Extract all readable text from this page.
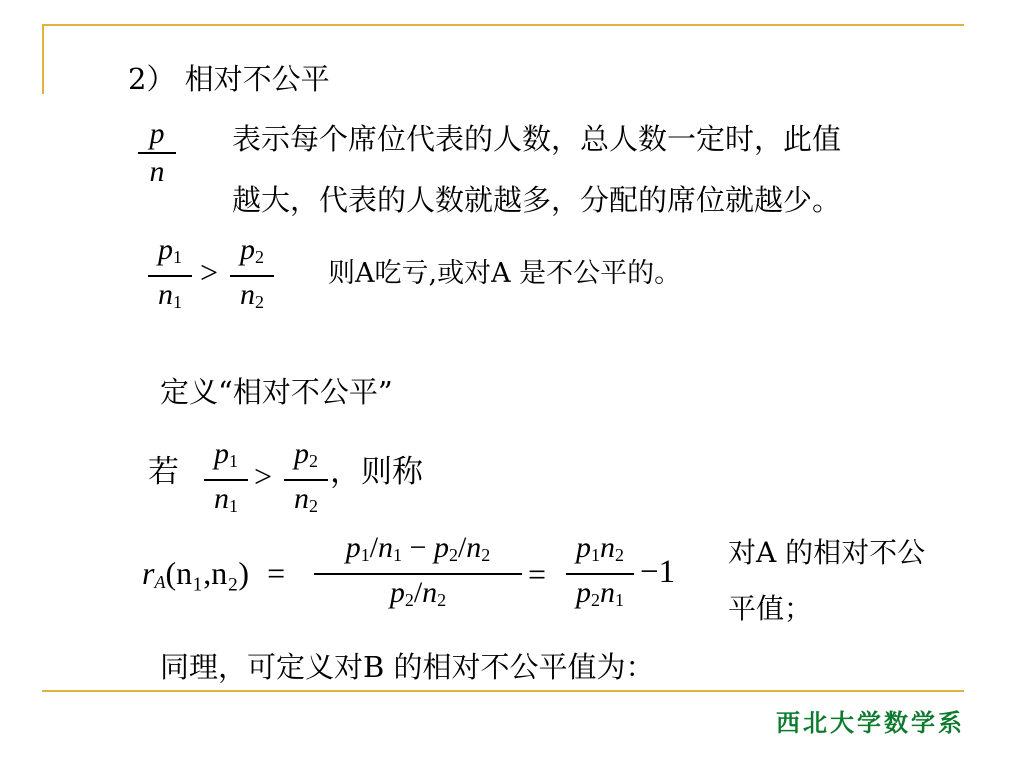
2） 相对不公平
p
n
表示每个席位代表的人数，总人数一定时，此值
越大，代表的人数就越多，分配的席位就越少。
$p_1$
$n_1$
>
$p_2$
$n_2$
则A吃亏,或对A 是不公平的。
定义“相对不公平”
若
$p_1$
$n_1$
>
$p_2$
$n_2$
，则称
$r_A(n_1,n_2)$ =
$p_1/n_1 - p_2/n_2$
$p_2/n_2$
=
$p_1n_2$
$p_2n_1$
−1
对A 的相对不公
平值；
同理，可定义对B 的相对不公平值为：
西北大学数学系
